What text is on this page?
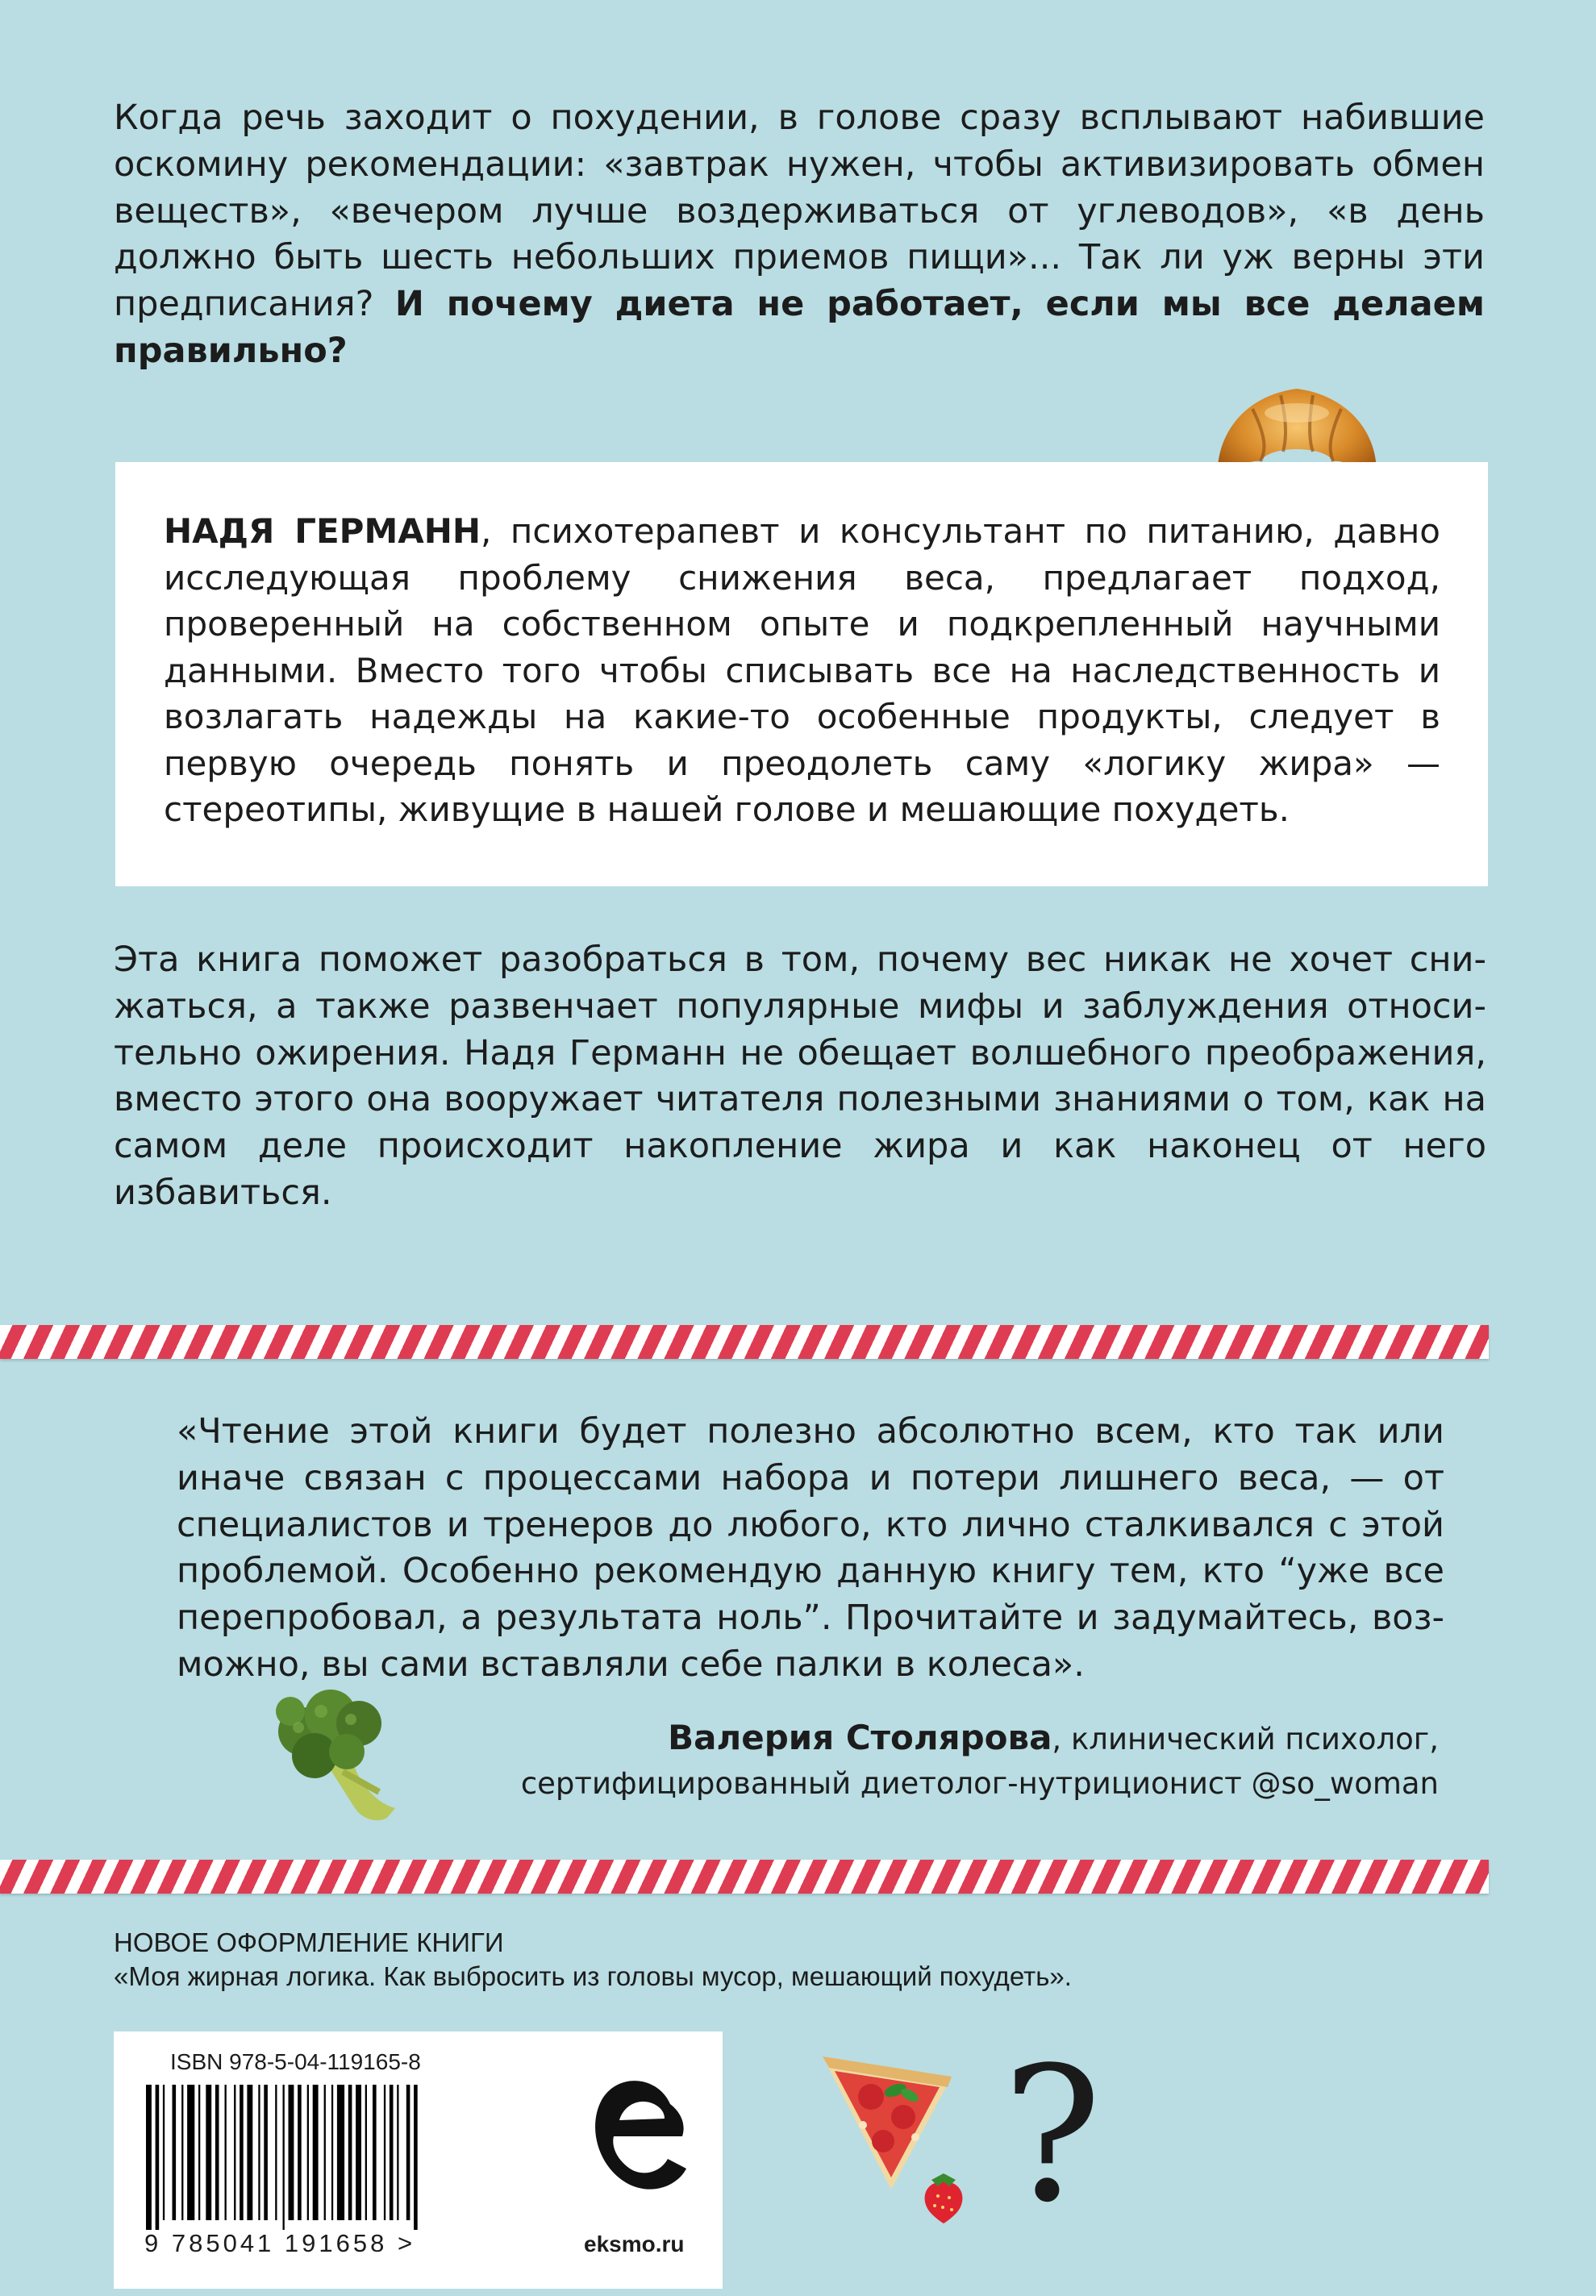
Когда речь заходит о похудении, в голове сразу всплывают набившие оскомину рекомендации: «завтрак нужен, чтобы активизировать обмен веществ», «вечером лучше воздерживаться от углеводов», «в день должно быть шесть небольших приемов пищи»... Так ли уж верны эти предписания? И почему диета не работает, если мы все делаем правильно?

НАДЯ ГЕРМАНН, психотерапевт и консультант по питанию, давно исследующая проблему снижения веса, предлагает подход, проверенный на собственном опыте и подкрепленный научными данными. Вместо того чтобы списывать все на наследственность и возлагать надежды на какие-то особенные продукты, следует в первую очередь понять и преодолеть саму «логику жира» — стереотипы, живущие в нашей голове и мешающие похудеть.

Эта книга поможет разобраться в том, почему вес никак не хочет снижаться, а также развенчает популярные мифы и заблуждения относительно ожирения. Надя Германн не обещает волшебного преображения, вместо этого она вооружает читателя полезными знаниями о том, как на самом деле происходит накопление жира и как наконец от него избавиться.

«Чтение этой книги будет полезно абсолютно всем, кто так или иначе связан с процессами набора и потери лишнего веса, — от специалистов и тренеров до любого, кто лично сталкивался с этой проблемой. Особенно рекомендую данную книгу тем, кто “уже все перепробовал, а результата ноль”. Прочитайте и задумайтесь, возможно, вы сами вставляли себе палки в колеса».

Валерия Столярова, клинический психолог,
сертифицированный диетолог-нутриционист @so_woman
НОВОЕ ОФОРМЛЕНИЕ КНИГИ
«Моя жирная логика. Как выбросить из головы мусор, мешающий похудеть».
ISBN 978-5-04-119165-8
9 785041 191658 >	eksmo.ru
?
